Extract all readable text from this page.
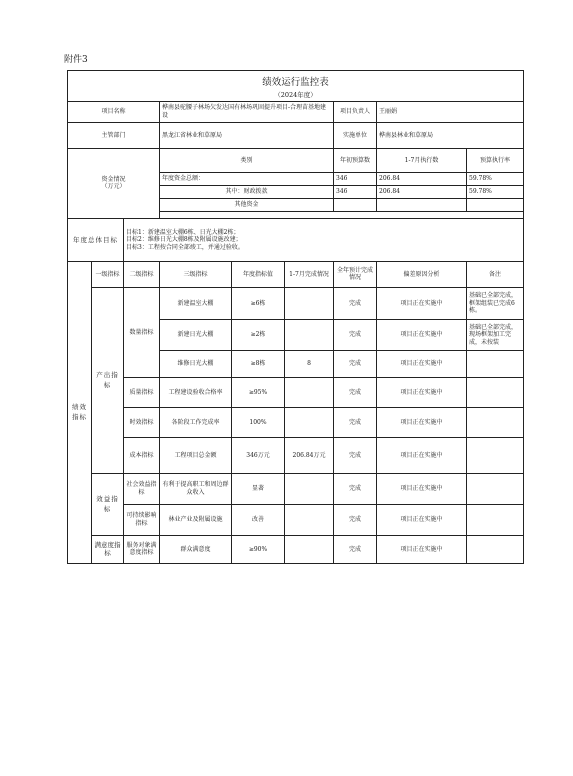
附件3
绩效运行监控表								
（2024年度）								
项目名称			桦南县驼腰子林场欠发达国有林场巩固提升项目-合理苗基地建设			项目负责人	王丽娟	
主管部门			黑龙江省林业和草原局			实施单位	桦南县林业和草原局	
资金情况
（万元）			类别			年初预算数	1-7月执行数	预算执行率
			年度资金总额：			346	206.84	59.78%
			其中：财政拨款			346	206.84	59.78%
			其他资金					

年度总体目标		目标1：新建温室大棚6栋、日光大棚2栋；
目标2：维修日光大棚8栋及附属设施改建；
目标3：工程按合同全部竣工，并通过验收。						

绩效指标	一级指标	二级指标	三级指标	年度指标值	1-7月完成情况	全年预计完成情况	偏差原因分析	备注
	产出指标	数量指标	新建温室大棚	≥6栋		完成	项目正在实施中	基础已全部完成，框架组装已完成6栋。
			新建日光大棚	≥2栋		完成	项目正在实施中	基础已全部完成，现场框架加工完成，未按装
			维修日光大棚	≥8栋	8	完成	项目正在实施中	
		质量指标	工程建设验收合格率	≥95%		完成	项目正在实施中	
		时效指标	各阶段工作完成率	100%		完成	项目正在实施中	
		成本指标	工程项目总金额	346万元	206.84万元	完成	项目正在实施中	
	效益指标	社会效益指标	有利于提高职工和周边群众收入	显著		完成	项目正在实施中	
		可持续影响指标	林业产业及附属设施	改善		完成	项目正在实施中	
	满意度指标	服务对象满意度指标	群众满意度	≥90%		完成	项目正在实施中	
